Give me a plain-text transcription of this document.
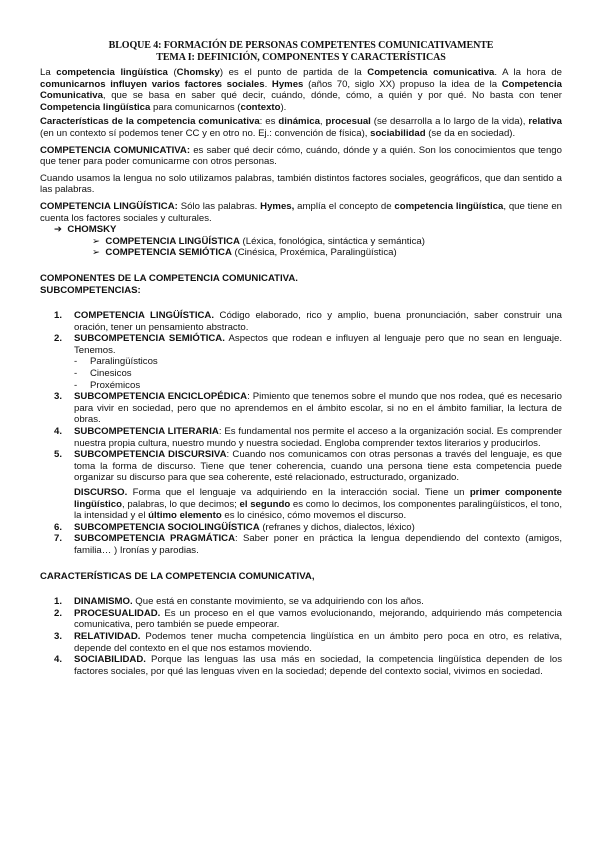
BLOQUE 4: FORMACIÓN DE PERSONAS COMPETENTES COMUNICATIVAMENTE
TEMA I: DEFINICIÓN, COMPONENTES Y CARACTERÍSTICAS

La competencia lingüística (Chomsky) es el punto de partida de la Competencia comunicativa. A la hora de comunicarnos influyen varios factores sociales. Hymes (años 70, siglo XX) propuso la idea de la Competencia Comunicativa, que se basa en saber qué decir, cuándo, dónde, cómo, a quién y por qué. No basta con tener Competencia lingüística para comunicarnos (contexto).

Características de la competencia comunicativa: es dinámica, procesual (se desarrolla a lo largo de la vida), relativa (en un contexto sí podemos tener CC y en otro no. Ej.: convención de física), sociabilidad (se da en sociedad).

COMPETENCIA COMUNICATIVA: es saber qué decir cómo, cuándo, dónde y a quién. Son los conocimientos que tengo que tener para poder comunicarme con otros personas.

Cuando usamos la lengua no solo utilizamos palabras, también distintos factores sociales, geográficos, que dan sentido a las palabras.

COMPETENCIA LINGÜÍSTICA: Sólo las palabras. Hymes, amplía el concepto de competencia lingüística, que tiene en cuenta los factores sociales y culturales.

➔ CHOMSKY
➢ COMPETENCIA LINGÜÍSTICA (Léxica, fonológica, sintáctica y semántica)
➢ COMPETENCIA SEMIÓTICA (Cinésica, Proxémica, Paralingüística)
COMPONENTES DE LA COMPETENCIA COMUNICATIVA.
SUBCOMPETENCIAS:
1. COMPETENCIA LINGÜÍSTICA. Código elaborado, rico y amplio, buena pronunciación, saber construir una oración, tener un pensamiento abstracto.
2. SUBCOMPETENCIA SEMIÓTICA. Aspectos que rodean e influyen al lenguaje pero que no sean en lenguaje. Tenemos.
- Paralingüísticos
- Cinesicos
- Proxémicos
3. SUBCOMPETENCIA ENCICLOPÉDICA: Pimiento que tenemos sobre el mundo que nos rodea, qué es necesario para vivir en sociedad, pero que no aprendemos en el ámbito escolar, si no en el ámbito familiar, la lectura de obras.
4. SUBCOMPETENCIA LITERARIA: Es fundamental nos permite el acceso a la organización social. Es comprender nuestra propia cultura, nuestro mundo y nuestra sociedad. Engloba comprender textos literarios y producirlos.
5. SUBCOMPETENCIA DISCURSIVA: Cuando nos comunicamos con otras personas a través del lenguaje, es que toma la forma de discurso. Tiene que tener coherencia, cuando una persona tiene esta competencia puede organizar su discurso para que sea coherente, esté relacionado, estructurado, organizado.

DISCURSO. Forma que el lenguaje va adquiriendo en la interacción social. Tiene un primer componente lingüístico, palabras, lo que decimos; el segundo es como lo decimos, los componentes paralingüísticos, el tono, la intensidad y el último elemento es lo cinésico, cómo movemos el discurso.

6. SUBCOMPETENCIA SOCIOLINGÜÍSTICA (refranes y dichos, dialectos, léxico)
7. SUBCOMPETENCIA PRAGMÁTICA: Saber poner en práctica la lengua dependiendo del contexto (amigos, familia… ) Ironías y parodias.
CARACTERÍSTICAS DE LA COMPETENCIA COMUNICATIVA,
1. DINAMISMO. Que está en constante movimiento, se va adquiriendo con los años.
2. PROCESUALIDAD. Es un proceso en el que vamos evolucionando, mejorando, adquiriendo más competencia comunicativa, pero también se puede empeorar.
3. RELATIVIDAD. Podemos tener mucha competencia lingüística en un ámbito pero poca en otro, es relativa, depende del contexto en el que nos estamos moviendo.
4. SOCIABILIDAD. Porque las lenguas las usa más en sociedad, la competencia lingüística dependen de los factores sociales, por qué las lenguas viven en la sociedad; depende del contexto social, vivimos en sociedad.
